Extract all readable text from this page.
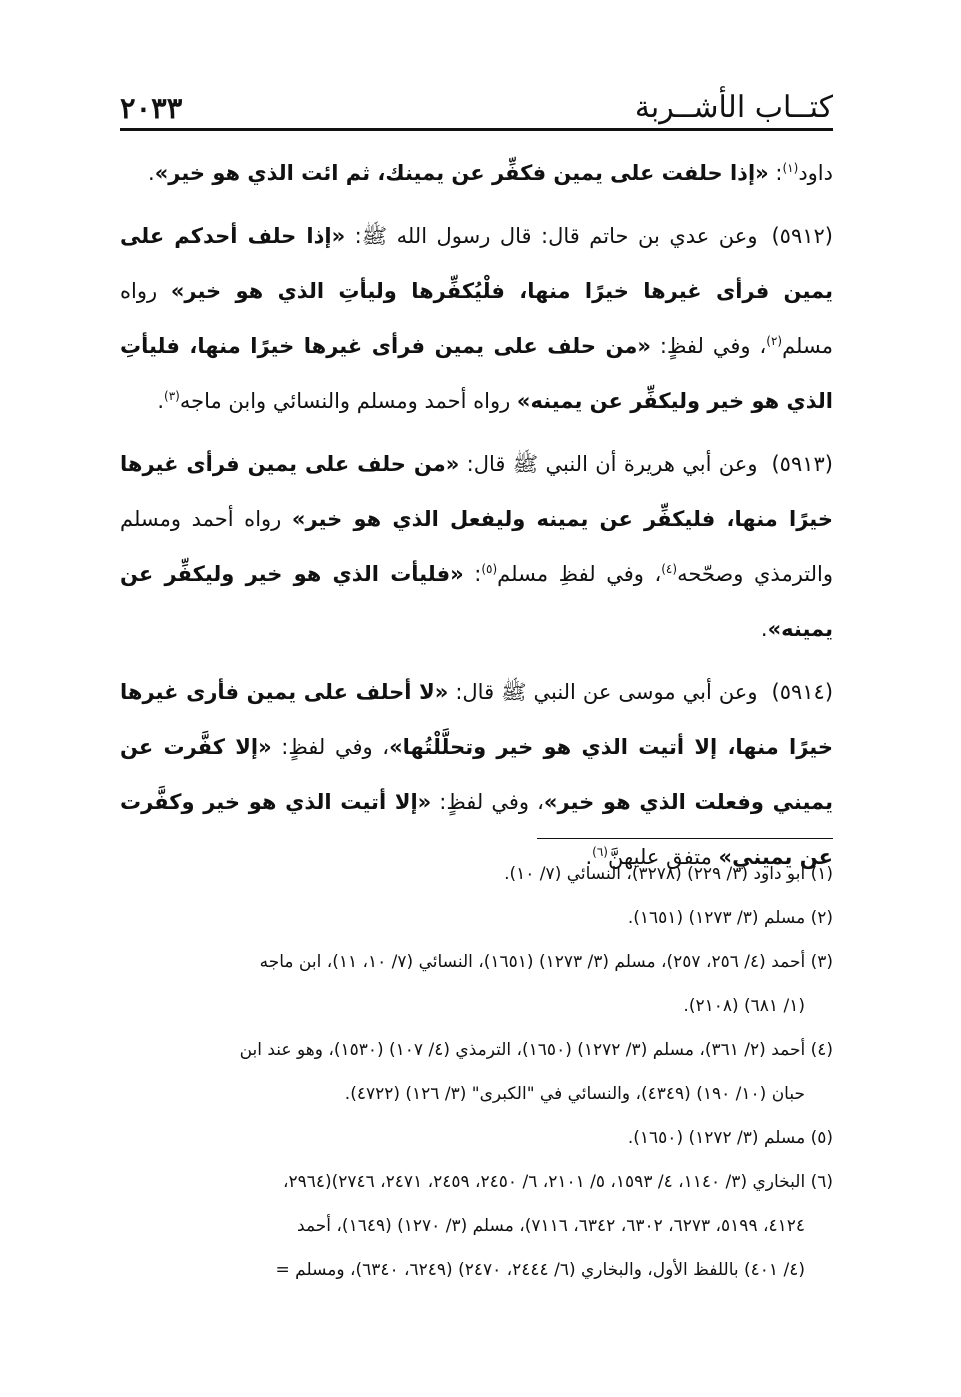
كتــاب الأشــربة
٢٠٣٣

داود$^{(١)}$: «إذا حلفت على يمين فكفِّر عن يمينك، ثم ائت الذي هو خير».

(٥٩١٢)وعن عدي بن حاتم قال: قال رسول الله ﷺ: «إذا حلف أحدكم على يمين فرأى غيرها خيرًا منها، فلْيُكفِّرها وليأتِ الذي هو خير» رواه مسلم$^{(٢)}$، وفي لفظٍ: «من حلف على يمين فرأى غيرها خيرًا منها، فليأتِ الذي هو خير وليكفِّر عن يمينه» رواه أحمد ومسلم والنسائي وابن ماجه$^{(٣)}$.

(٥٩١٣)وعن أبي هريرة أن النبي ﷺ قال: «من حلف على يمين فرأى غيرها خيرًا منها، فليكفِّر عن يمينه وليفعل الذي هو خير» رواه أحمد ومسلم والترمذي وصحّحه$^{(٤)}$، وفي لفظِ مسلم$^{(٥)}$: «فليأت الذي هو خير وليكفِّر عن يمينه».

(٥٩١٤)وعن أبي موسى عن النبي ﷺ قال: «لا أحلف على يمين فأرى غيرها خيرًا منها، إلا أتيت الذي هو خير وتحلَّلْتُها»، وفي لفظٍ: «إلا كفَّرت عن يميني وفعلت الذي هو خير»، وفي لفظٍ: «إلا أتيت الذي هو خير وكفَّرت عن يميني» متفق عليهنَّ$^{(٦)}$.

(١) أبو داود (٣/ ٢٢٩) (٣٢٧٨)، النسائي (٧/ ١٠).
(٢) مسلم (٣/ ١٢٧٣) (١٦٥١).
(٣) أحمد (٤/ ٢٥٦، ٢٥٧)، مسلم (٣/ ١٢٧٣) (١٦٥١)، النسائي (٧/ ١٠، ١١)، ابن ماجه
(١/ ٦٨١) (٢١٠٨).
(٤) أحمد (٢/ ٣٦١)، مسلم (٣/ ١٢٧٢) (١٦٥٠)، الترمذي (٤/ ١٠٧) (١٥٣٠)، وهو عند ابن
حبان (١٠/ ١٩٠) (٤٣٤٩)، والنسائي في "الكبرى" (٣/ ١٢٦) (٤٧٢٢).
(٥) مسلم (٣/ ١٢٧٢) (١٦٥٠).
(٦) البخاري (٣/ ١١٤٠، ٤/ ١٥٩٣، ٥/ ٢١٠١، ٦/ ٢٤٥٠، ٢٤٥٩، ٢٤٧١، ٢٧٤٦)(٢٩٦٤،
٤١٢٤، ٥١٩٩، ٦٢٧٣، ٦٣٠٢، ٦٣٤٢، ٧١١٦)، مسلم (٣/ ١٢٧٠) (١٦٤٩)، أحمد
(٤/ ٤٠١) باللفظ الأول، والبخاري (٦/ ٢٤٤٤، ٢٤٧٠) (٦٢٤٩، ٦٣٤٠)، ومسلم =
